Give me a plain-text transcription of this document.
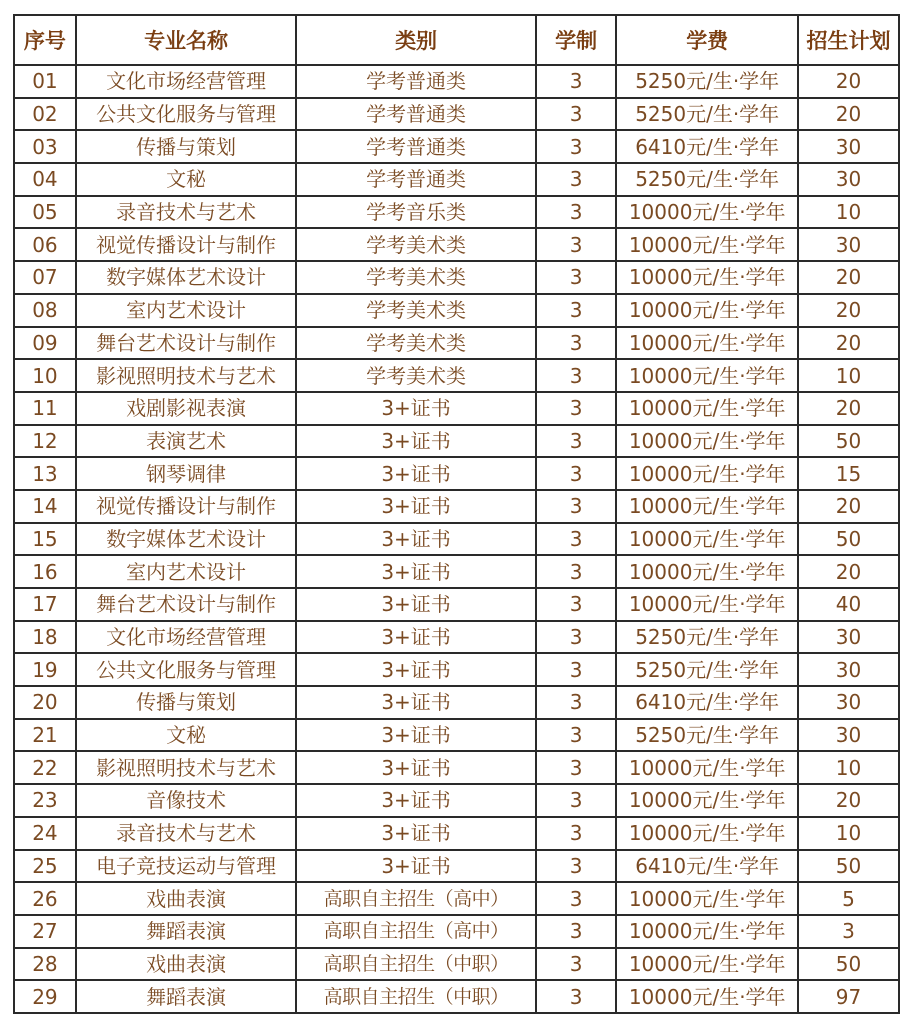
序号	专业名称	类别	学制	学费	招生计划
01	文化市场经营管理	学考普通类	3	5250元/生·学年	20
02	公共文化服务与管理	学考普通类	3	5250元/生·学年	20
03	传播与策划	学考普通类	3	6410元/生·学年	30
04	文秘	学考普通类	3	5250元/生·学年	30
05	录音技术与艺术	学考音乐类	3	10000元/生·学年	10
06	视觉传播设计与制作	学考美术类	3	10000元/生·学年	30
07	数字媒体艺术设计	学考美术类	3	10000元/生·学年	20
08	室内艺术设计	学考美术类	3	10000元/生·学年	20
09	舞台艺术设计与制作	学考美术类	3	10000元/生·学年	20
10	影视照明技术与艺术	学考美术类	3	10000元/生·学年	10
11	戏剧影视表演	3+证书	3	10000元/生·学年	20
12	表演艺术	3+证书	3	10000元/生·学年	50
13	钢琴调律	3+证书	3	10000元/生·学年	15
14	视觉传播设计与制作	3+证书	3	10000元/生·学年	20
15	数字媒体艺术设计	3+证书	3	10000元/生·学年	50
16	室内艺术设计	3+证书	3	10000元/生·学年	20
17	舞台艺术设计与制作	3+证书	3	10000元/生·学年	40
18	文化市场经营管理	3+证书	3	5250元/生·学年	30
19	公共文化服务与管理	3+证书	3	5250元/生·学年	30
20	传播与策划	3+证书	3	6410元/生·学年	30
21	文秘	3+证书	3	5250元/生·学年	30
22	影视照明技术与艺术	3+证书	3	10000元/生·学年	10
23	音像技术	3+证书	3	10000元/生·学年	20
24	录音技术与艺术	3+证书	3	10000元/生·学年	10
25	电子竞技运动与管理	3+证书	3	6410元/生·学年	50
26	戏曲表演	高职自主招生（高中）	3	10000元/生·学年	5
27	舞蹈表演	高职自主招生（高中）	3	10000元/生·学年	3
28	戏曲表演	高职自主招生（中职）	3	10000元/生·学年	50
29	舞蹈表演	高职自主招生（中职）	3	10000元/生·学年	97
